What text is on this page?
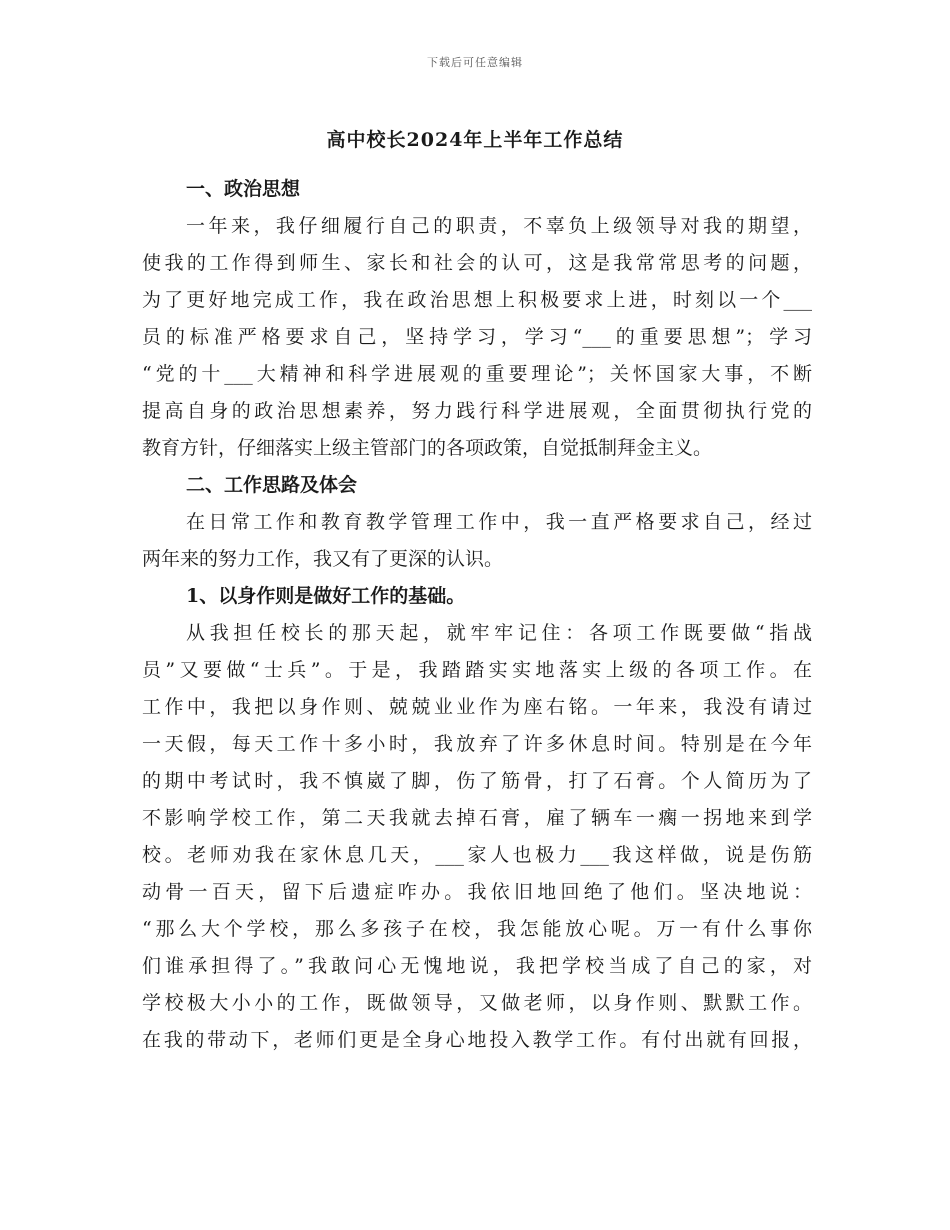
下载后可任意编辑
高中校长2024年上半年工作总结
一、政治思想
一年来，我仔细履行自己的职责，不辜负上级领导对我的期望，
使我的工作得到师生、家长和社会的认可，这是我常常思考的问题，
为了更好地完成工作，我在政治思想上积极要求上进，时刻以一个___
员的标准严格要求自己，坚持学习，学习“___的重要思想”；学习
“党的十___大精神和科学进展观的重要理论”；关怀国家大事，不断
提高自身的政治思想素养，努力践行科学进展观，全面贯彻执行党的
教育方针，仔细落实上级主管部门的各项政策，自觉抵制拜金主义。
二、工作思路及体会
在日常工作和教育教学管理工作中，我一直严格要求自己，经过
两年来的努力工作，我又有了更深的认识。
1、以身作则是做好工作的基础。
从我担任校长的那天起，就牢牢记住：各项工作既要做“指战
员”又要做“士兵”。于是，我踏踏实实地落实上级的各项工作。在
工作中，我把以身作则、兢兢业业作为座右铭。一年来，我没有请过
一天假，每天工作十多小时，我放弃了许多休息时间。特别是在今年
的期中考试时，我不慎崴了脚，伤了筋骨，打了石膏。个人简历为了
不影响学校工作，第二天我就去掉石膏，雇了辆车一瘸一拐地来到学
校。老师劝我在家休息几天，___家人也极力___我这样做，说是伤筋
动骨一百天，留下后遗症咋办。我依旧地回绝了他们。坚决地说：
“那么大个学校，那么多孩子在校，我怎能放心呢。万一有什么事你
们谁承担得了。”我敢问心无愧地说，我把学校当成了自己的家，对
学校极大小小的工作，既做领导，又做老师，以身作则、默默工作。
在我的带动下，老师们更是全身心地投入教学工作。有付出就有回报，
